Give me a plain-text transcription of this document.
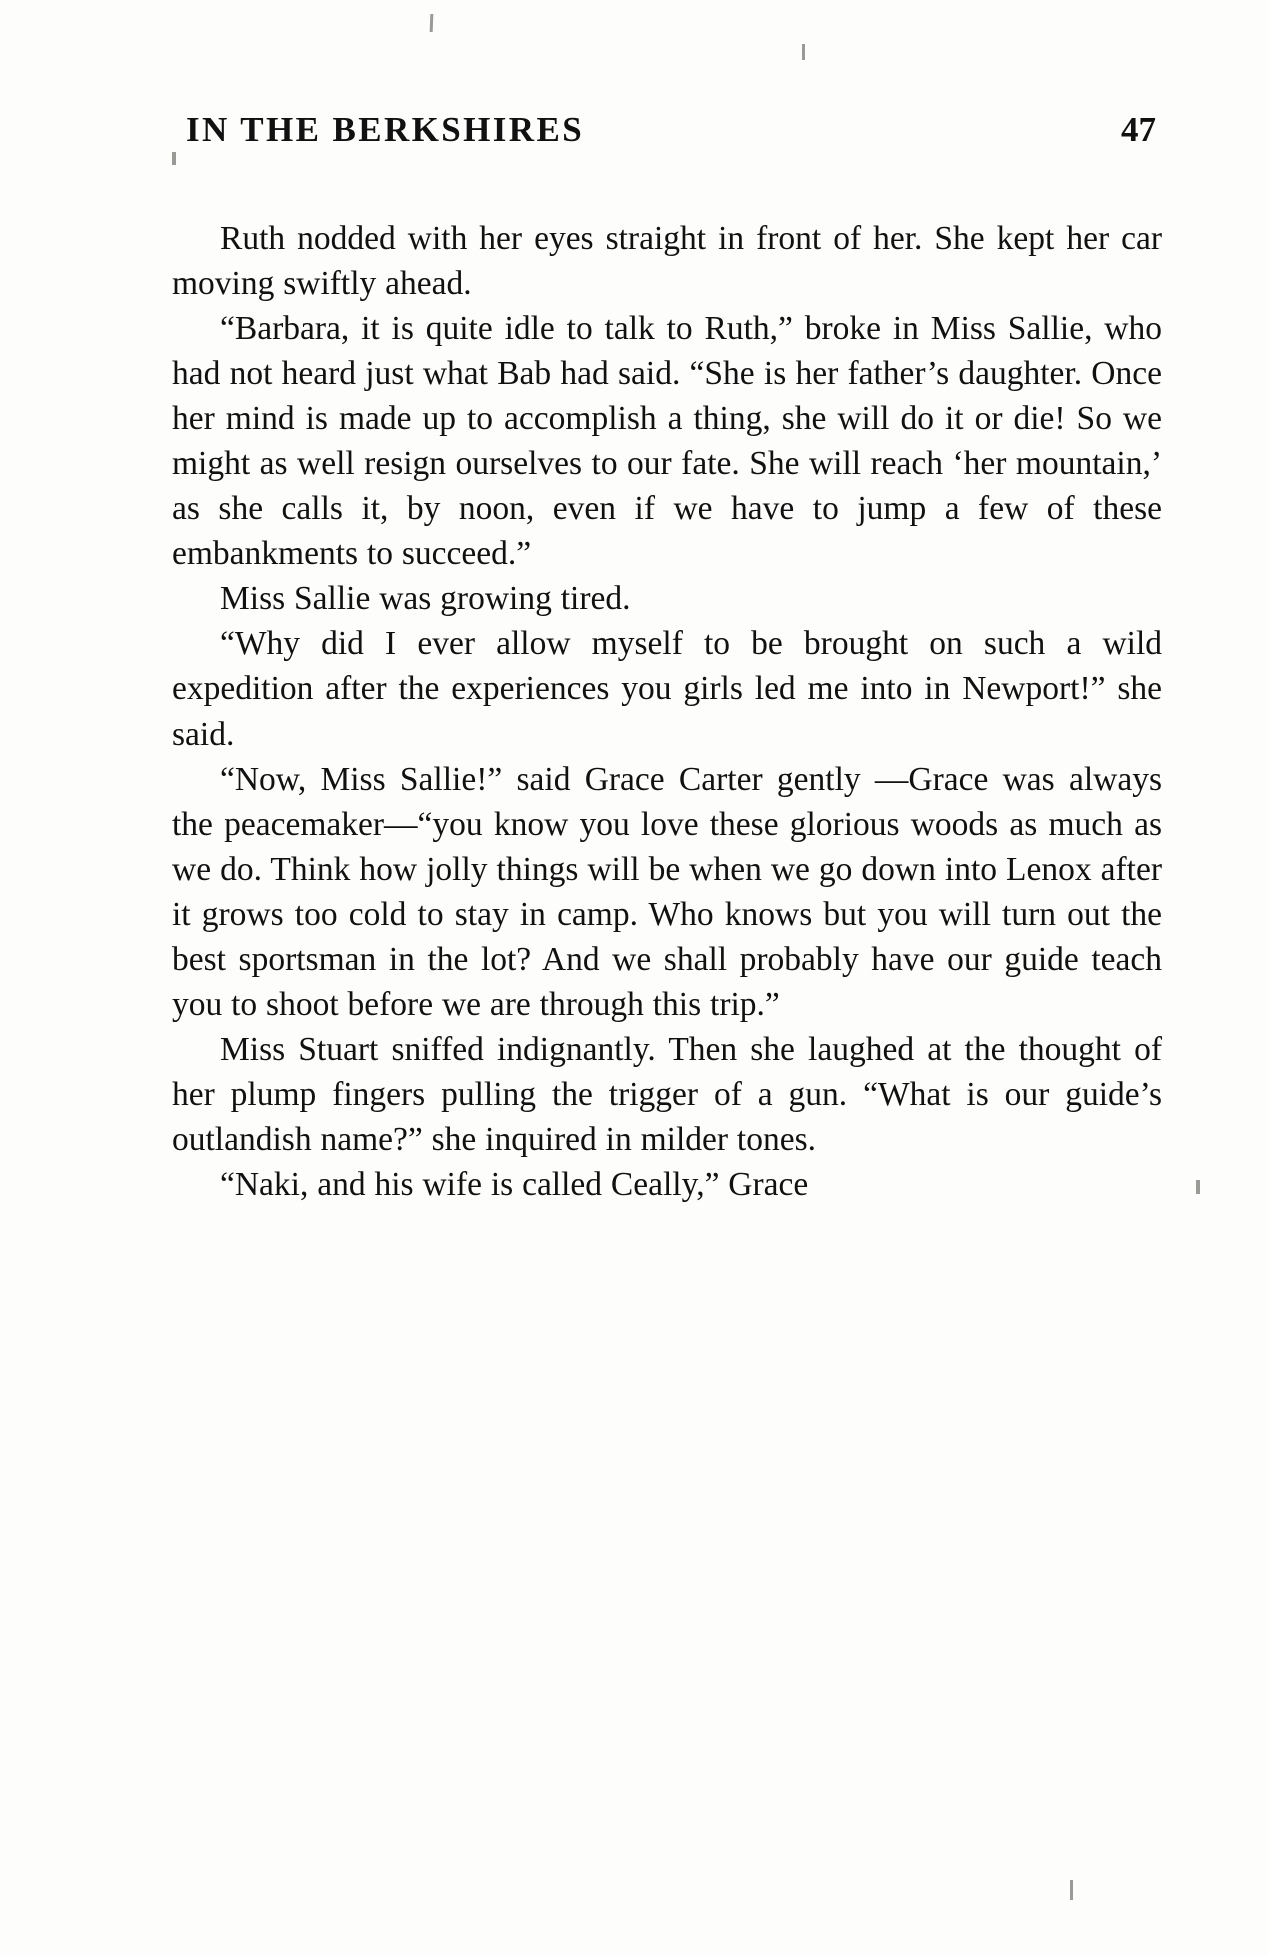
IN THE BERKSHIRES	47

Ruth nodded with her eyes straight in front of her. She kept her car moving swiftly ahead.

“Barbara, it is quite idle to talk to Ruth,” broke in Miss Sallie, who had not heard just what Bab had said. “She is her father’s daughter. Once her mind is made up to accomplish a thing, she will do it or die! So we might as well resign ourselves to our fate. She will reach ‘her mountain,’ as she calls it, by noon, even if we have to jump a few of these embankments to succeed.”

Miss Sallie was growing tired.

“Why did I ever allow myself to be brought on such a wild expedition after the experiences you girls led me into in Newport!” she said.

“Now, Miss Sallie!” said Grace Carter gently —Grace was always the peacemaker—“you know you love these glorious woods as much as we do. Think how jolly things will be when we go down into Lenox after it grows too cold to stay in camp. Who knows but you will turn out the best sportsman in the lot? And we shall probably have our guide teach you to shoot before we are through this trip.”

Miss Stuart sniffed indignantly. Then she laughed at the thought of her plump fingers pulling the trigger of a gun. “What is our guide’s outlandish name?” she inquired in milder tones.

“Naki, and his wife is called Ceally,” Grace
